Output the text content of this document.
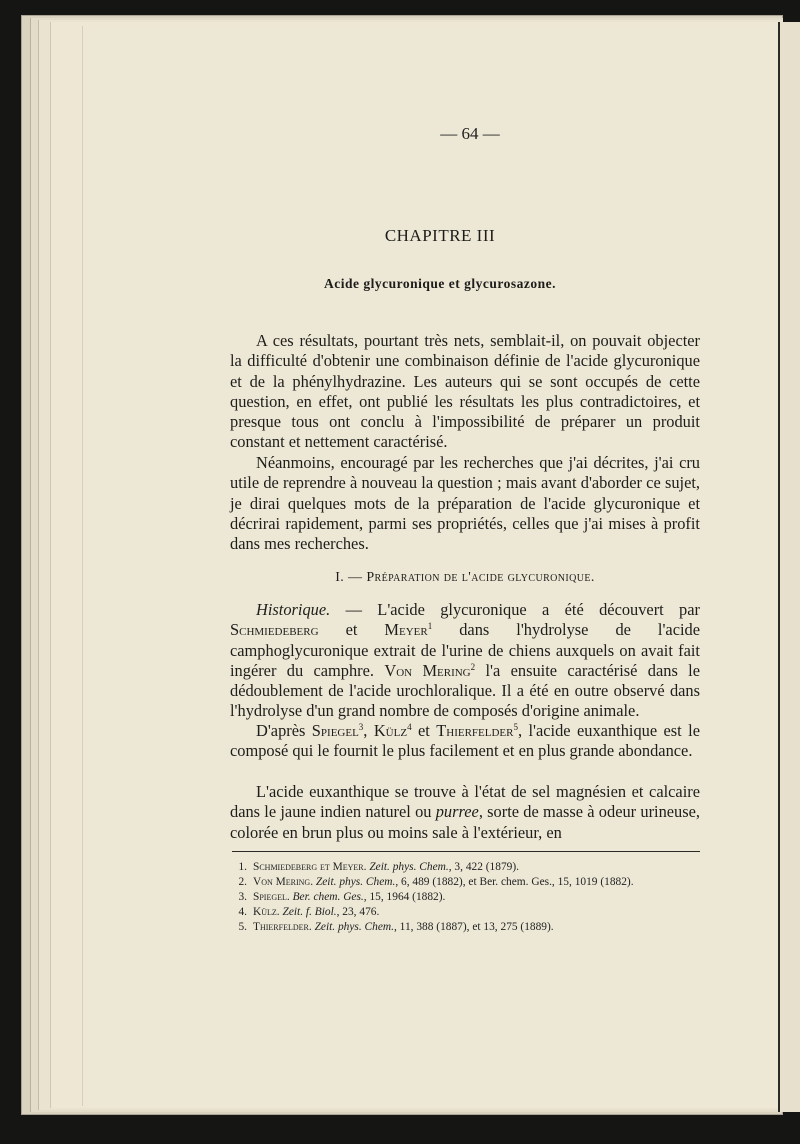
— 64 —
CHAPITRE III
Acide glycuronique et glycurosazone.

A ces résultats, pourtant très nets, semblait-il, on pouvait objecter la difficulté d'obtenir une combinaison définie de l'acide glycuronique et de la phénylhydrazine. Les auteurs qui se sont occupés de cette question, en effet, ont publié les résultats les plus contradictoires, et presque tous ont conclu à l'impossibilité de préparer un produit constant et nettement caractérisé.

Néanmoins, encouragé par les recherches que j'ai décrites, j'ai cru utile de reprendre à nouveau la question ; mais avant d'aborder ce sujet, je dirai quelques mots de la préparation de l'acide glycuronique et décrirai rapidement, parmi ses propriétés, celles que j'ai mises à profit dans mes recherches.

I. — Préparation de l'acide glycuronique.

Historique. — L'acide glycuronique a été découvert par Schmiedeberg et Meyer$^1$ dans l'hydrolyse de l'acide camphoglycuronique extrait de l'urine de chiens auxquels on avait fait ingérer du camphre. Von Mering$^2$ l'a ensuite caractérisé dans le dédoublement de l'acide urochloralique. Il a été en outre observé dans l'hydrolyse d'un grand nombre de composés d'origine animale.

D'après Spiegel$^3$, Külz$^4$ et Thierfelder$^5$, l'acide euxanthique est le composé qui le fournit le plus facilement et en plus grande abondance.

L'acide euxanthique se trouve à l'état de sel magnésien et calcaire dans le jaune indien naturel ou purree, sorte de masse à odeur urineuse, colorée en brun plus ou moins sale à l'extérieur, en

1. Schmiedeberg et Meyer. Zeit. phys. Chem., 3, 422 (1879).
2. Von Mering. Zeit. phys. Chem., 6, 489 (1882), et Ber. chem. Ges., 15, 1019 (1882).
3. Spiegel. Ber. chem. Ges., 15, 1964 (1882).
4. Külz. Zeit. f. Biol., 23, 476.
5. Thierfelder. Zeit. phys. Chem., 11, 388 (1887), et 13, 275 (1889).
